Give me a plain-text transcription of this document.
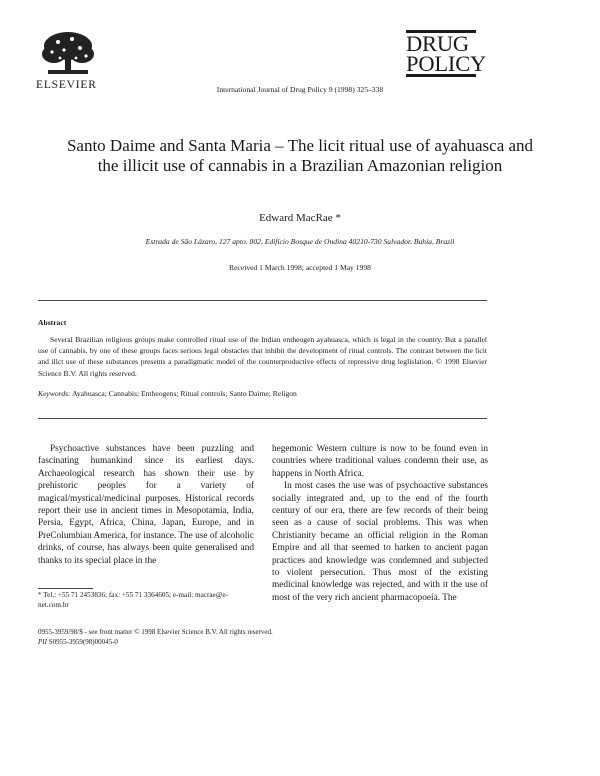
ELSEVIER	International Journal of Drug Policy 9 (1998) 325–338
DRUG
POLICY
Santo Daime and Santa Maria – The licit ritual use of ayahuasca and the illicit use of cannabis in a Brazilian Amazonian religion
Edward MacRae *
Estrada de São Lázaro, 127 apto. 802, Edifício Bosque de Ondina 40210-730 Salvador, Bahia, Brazil
Received 1 March 1998; accepted 1 May 1998
Abstract
Several Brazilian religious groups make controlled ritual use of the Indian entheogen ayahuasca, which is legal in the country. But a parallel use of cannabis, by one of these groups faces serious legal obstacles that inhibit the development of ritual controls. The contrast between the licit and illct use of these substances presents a paradigmatic model of the counterproductive effects of repressive drug leglislation. © 1998 Elsevier Science B.V. All rights reserved.
Keywords: Ayahuasca; Cannabis; Entheogens; Ritual controls; Santo Daime; Religon

Psychoactive substances have been puzzling and fascinating humankind since its earliest days. Archaeological research has shown their use by prehistoric peoples for a variety of magical/mystical/medicinal purposes. Historical records report their use in ancient times in Mesopotamia, India, Persia, Egypt, Africa, China, Japan, Europe, and in PreColumbian America, for instance. The use of alcoholic drinks, of course, has always been quite generalised and thanks to its special place in the

hegemonic Western culture is now to be found even in countries where traditional values condemn their use, as happens in North Africa.

In most cases the use was of psychoactive substances socially integrated and, up to the end of the fourth century of our era, there are few records of their being seen as a cause of social problems. This was when Christianity became an official religion in the Roman Empire and all that seemed to harken to ancient pagan practices and knowledge was condemned and subjected to violent persecution. Thus most of the existing medicinal knowledge was rejected, and with it the use of most of the very rich ancient pharmacopoeia. The

* Tel.: +55 71 2453836; fax: +55 71 3364605; e-mail: macrae@e-net.com.br
0955-3959/98/$ - see front matter © 1998 Elsevier Science B.V. All rights reserved.
PII S0955-3959(98)00045-0
